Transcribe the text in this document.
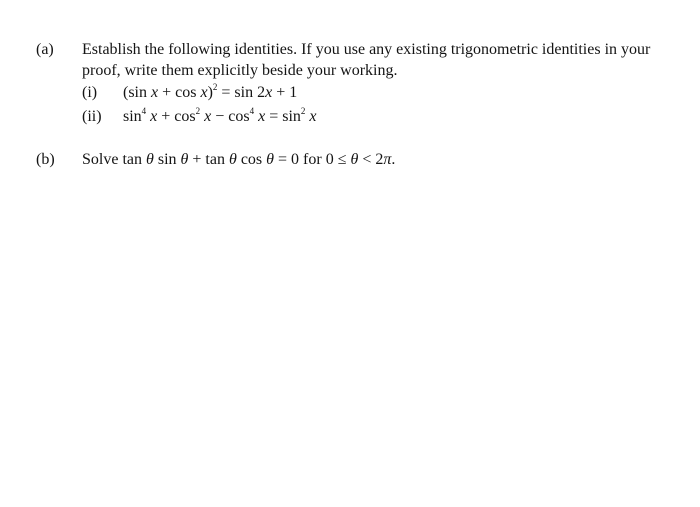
(a) Establish the following identities. If you use any existing trigonometric identities in your
proof, write them explicitly beside your working.
(i) (sin x + cos x)$^2$ = sin 2x + 1
(ii) $\sin^4 x + \cos^2 x - \cos^4 x = \sin^2 x$
(b) Solve tan θ sin θ + tan θ cos θ = 0 for 0 ≤ θ < 2π.
